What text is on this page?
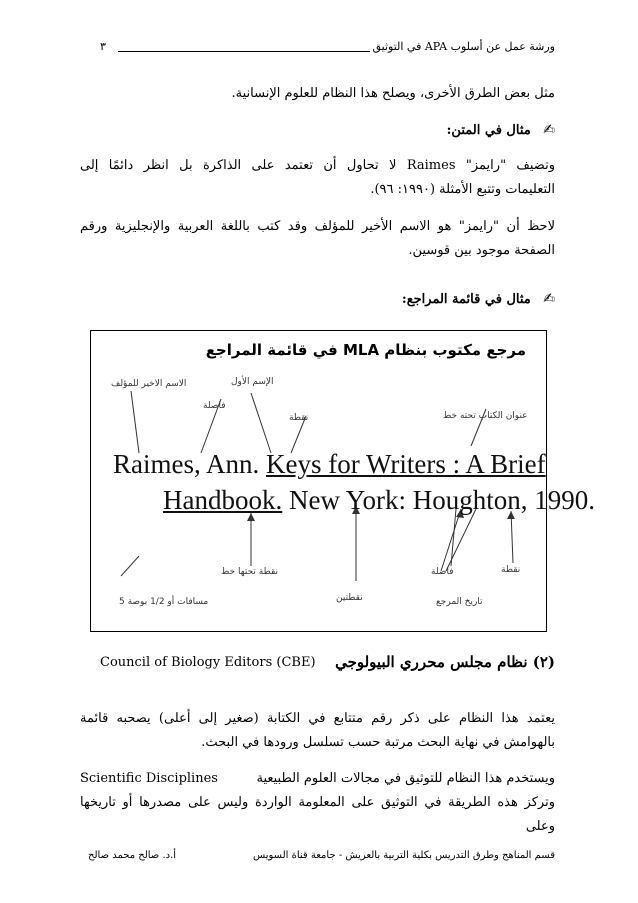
ورشة عمل عن أسلوب APA في التوثيق
٣
مثل بعض الطرق الأخرى، ويصلح هذا النظام للعلوم الإنسانية.
✍ مثال في المتن:
وتضيف "رايمز" Raimes لا تحاول أن تعتمد على الذاكرة بل انظر دائمًا إلى
التعليمات وتتبع الأمثلة (١٩٩٠: ٩٦).
لاحظ أن "رايمز" هو الاسم الأخير للمؤلف وقد كتب باللغة العربية والإنجليزية ورقم
الصفحة موجود بين قوسين.
✍ مثال في قائمة المراجع:
مرجع مكتوب بنظام MLA في قائمة المراجع
الاسم الاخير للمؤلف	الإسم الأول
فاصلة
نقطة	عنوان الكتاب تحته خط
Raimes, Ann. Keys for Writers : A Brief
Handbook. New York: Houghton, 1990.
نقطة تحتها خط
5 مسافات أو 1/2 بوصة	نقطتين
فاصلة
تاريخ المرجع
نقطة
(٢) نظام مجلس محرري البيولوجي
Council of Biology Editors (CBE)
يعتمد هذا النظام على ذكر رقم متتابع في الكتابة (صغير إلى أعلى) يصحبه قائمة
بالهوامش في نهاية البحث مرتبة حسب تسلسل ورودها في البحث.
ويستخدم هذا النظام للتوثيق في مجالات العلوم الطبيعية
Scientific Disciplines
وتركز هذه الطريقة في التوثيق على المعلومة الواردة وليس على مصدرها أو تاريخها وعلى
قسم المناهج وطرق التدريس بكلية التربية بالعريش - جامعة قناة السويس
أ.د. صالح محمد صالح
